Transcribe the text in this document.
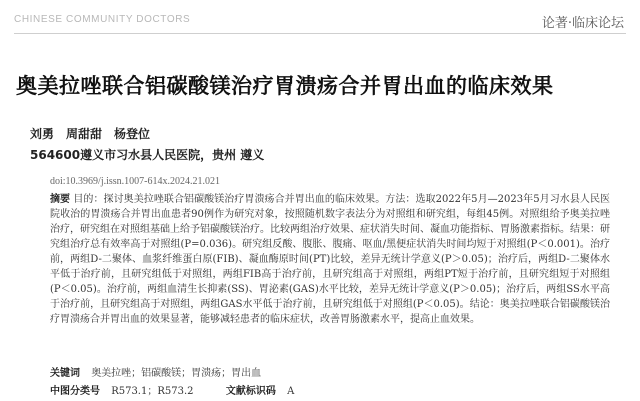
CHINESE COMMUNITY DOCTORS	论著·临床论坛
奥美拉唑联合铝碳酸镁治疗胃溃疡合并胃出血的临床效果
刘勇　周甜甜　杨登位
564600遵义市习水县人民医院，贵州 遵义
doi:10.3969/j.issn.1007-614x.2024.21.021
摘要 目的：探讨奥美拉唑联合铝碳酸镁治疗胃溃疡合并胃出血的临床效果。方法：选取2022年5月—2023年5月习水县人民医院收治的胃溃疡合并胃出血患者90例作为研究对象，按照随机数字表法分为对照组和研究组，每组45例。对照组给予奥美拉唑治疗，研究组在对照组基础上给予铝碳酸镁治疗。比较两组治疗效果、症状消失时间、凝血功能指标、胃肠激素指标。结果：研究组治疗总有效率高于对照组(P=0.036)。研究组反酸、腹胀、腹痛、呕血/黑便症状消失时间均短于对照组(P＜0.001)。治疗前，两组D-二聚体、血浆纤维蛋白原(FIB)、凝血酶原时间(PT)比较，差异无统计学意义(P＞0.05)；治疗后，两组D-二聚体水平低于治疗前，且研究组低于对照组，两组FIB高于治疗前，且研究组高于对照组，两组PT短于治疗前，且研究组短于对照组(P＜0.05)。治疗前，两组血清生长抑素(SS)、胃泌素(GAS)水平比较，差异无统计学意义(P＞0.05)；治疗后，两组SS水平高于治疗前，且研究组高于对照组，两组GAS水平低于治疗前，且研究组低于对照组(P＜0.05)。结论：奥美拉唑联合铝碳酸镁治疗胃溃疡合并胃出血的效果显著，能够减轻患者的临床症状，改善胃肠激素水平，提高止血效果。
关键词 奥美拉唑；铝碳酸镁；胃溃疡；胃出血
中图分类号 R573.1；R573.2	文献标识码 A
